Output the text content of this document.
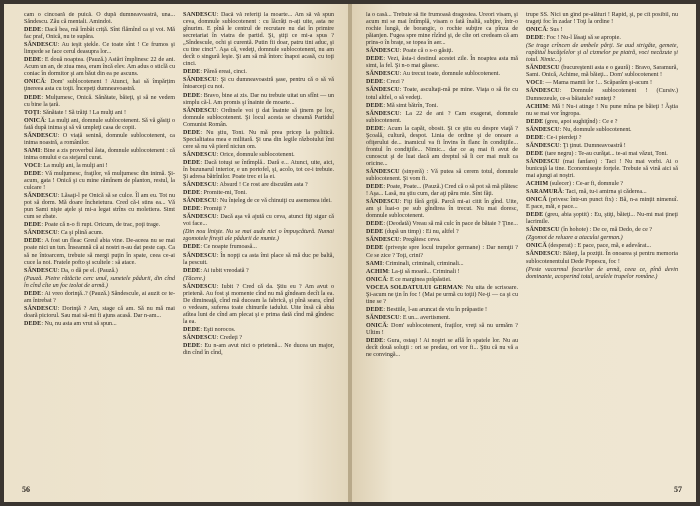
cam o cincoară de puică. O după dumneavoastră, una... Săndescu. Zău că mentali. Amindoi.

DEDE: Dacă bea, mă îmbăt criță. Sînt flămînd ca și voi. Mă fac praf, Onică, nu te supăra.

SĂNDESCU: Au ieşit ştekle. Ce toate sînt ! Ce frumos şi limpede se face cerul deasupra lor...

DEDE: E două noaptea. (Pauză.) Astări împlinesc 22 de ani. Acum un an, de ziua mea, eram încă elev. Am adus o sticlă cu coniac în dormitor şi am băut din ea pe ascuns.

ONICĂ: Dom' sublocotenent ! Atunci, hai să împărțim ţinereea asta cu toţii. Începeți dumneavoastră.

DEDE: Mulţumesc, Onică. Sănătate, băieţi, şi să ne vedem cu bine la țară.

TOŢI: Sănătate ! Să trăiţi ! La mulţi ani !

ONICĂ: La mulţi ani, domnule sublocotenent. Să vă găsiţi o fată după inima şi să vă umpleţi casa de copii.

SĂNDESCU: O viață senină, domnule sublocotenent, ca inima noastră, a românilor.

SAMI: Bine a zis proverbul ăsta, domnule sublocotenent : că inima omului e ca stejarul curat.

VOCI: La mulţi ani, la mulţi ani !

DEDE: Vă mulţumesc, fraţilor, vă mulţumesc din inimă. Şi-acum, gata ! Onică şi cu mine rămînem de planton, restul, la culcare !

SĂNDESCU: Lăsaţi-l pe Onică să se culce. Îl am eu. Tot nu pot să dorm. Mă doare încheietura. Cred că-i stins ea... Vă pun Sami nişte aţele şi mi-a legat strîns cu moletiera. Simt cum se zbate.

DEDE: Poate că n-o fi rupt. Oricum, de trac, poţi trage.

SĂNDESCU: Ca şi plină acum.

DEDE: A fost un fleac Greul abia vine. De-aceea nu se mai poate nici un tun. Înseamnă că ai nostri n-au dat peste cap. Ca să ne întoarcem, trebuie să mergi puţin în spate, ceea ce-ai cuce la noi. Fratele pofto şi scultele : să atace.

SĂNDESCU: Da, o dă pe el. (Pauză.)

(Pauză. Pietre rătăcite cerc unul, sunetele pădurii, din cînd în cînd cîte un foc izolat de armă.)

DEDE: Ai vreo dorinţă..? (Pauză.) Săndescule, ai auzit ce te-am întrebat ?

SĂNDESCU: Dorinţă ? Am, stage că am. Să nu mă mai doară piciorul. Sau mai să-mi fi ajuns acasă. Dar n-am...

DEDE: Nu, nu asta am vrut să spun...

SĂNDESCU: Dacă vă referiţi la moarte... Am să vă spun ceva, domnule sublocotenent : cu lăcrăți n-ați uite, asta ne gînurim. E pînă le centrul de recrutare nu dat în primire secretariat în viatra de partid. Şi, ştiţi ce mi-a spus ? „Sîndescule, ochi şi curentă. Putin fii doar, patru tini aduc, şi cu tine cinci". Aşa că, vedeţi, domnule sublocotenent, nu am decît o singură leşie. Şi am să mă întorc înapoi acasă, cu toţi cinci.

DEDE: Păreă ereai, cinci.

SĂNDESCU: Şi cu dumneavoastră şase, pentru că o să vă întoarceţi cu noi.

DEDE: Bravo, bine ai zis. Dar nu trebuie uitat un sfînt — un simplu că-l. Am promis şi înainte de moarte...

SĂNDESCU: Ordinele voi ţi dat înainte să ţinem pe loc, domnule sublocotenent. Şi locul acesta se cheamă Partidul Comunist Român.

DEDE: Nu ştiu, Toni. Nu mă prea pricep la politică. Specialitatea mea e militară. Şi una din legile războiului îmi cere să nu vă pierd niciun om.

SĂNDESCU: Orice, domnule sublocotenent.

DEDE: Dacă totuşi se întîmplă.. Dară e... Atunci, uite, aici, în buzunarul interior, e un portofel, şi, acolo, tot ce-i trebuie. Şi adresa bătrînilor. Poate trec ei la ei.

SĂNDESCU: Absurd ! Ce rost are discutăm asta ?

DEDE: Promite-mi, Toni.

SĂNDESCU: Nu înțeleg de ce vă chinuiţi cu asemenea idei.

DEDE: Promiţi ?

SĂNDESCU: Dacă aşa vă ajută cu ceva, atunci fiţi sigur că voi face...

(Din nou linişte. Nu se mai aude nici o împuşcătură. Numai zgomotele fireşti ale pădurii de munte.)

DEDE: Ce noapte frumoasă...

SĂNDESCU: În nopţi ca asta îmi place să mă duc pe baltă, la pescuit.

DEDE: Ai iubit vreodată ?

(Tăcere.)

SĂNDESCU: Iubit ? Cred că da. Ştiu eu ? Am avut o prietenă. Au fost şi momente cînd nu mă gîndeam decît la ea. De dimineaţă, cînd mă duceam la fabrică, şi pînă seara, cînd o vedeam, suferea toate chinurile iadului. Uite însă că abia atîtea luni de cînd am plecat şi e prima dată cînd mă gîndesc la ea.

DEDE: Eşti norocos.

SĂNDESCU: Credeţi ?

DEDE: Eu n-am avut nici o prietenă... Ne ducea un major, din cînd în cînd,

56

la o casă... Trebuie să fie frumoasă dragostea. Ureori visam, şi acum mi se mai întîmplă, visam o fată înaltă, subţire, într-o rochie lungă, de borangic, o rochie subţire ca pînza de păianjen. Fugea spre mine rîzînd şi, de cîte ori credeam că am prins-o în braţe, se topea în aer...

SĂNDESCU: Poate că o s-o găsiţi.

DEDE: Vezi, ăsta-i destinul acestei zile. În noaptea asta mă simt, la fel. Şi n-o mai găsesc.

SĂNDESCU: Au trecut toate, domnule sublocotenent.

DEDE: Crezi ?

SĂNDESCU: Toate, ascultaţi-mă pe mine. Viaţa o să fie cu totul altfel, o să vedeţi.

DEDE: Mă simt bătrîn, Toni.

SĂNDESCU: La 22 de ani ? Cam exagerat, domnule sublocotenent.

DEDE: Acum la capăt, obosit. Şi ce ştiu eu despre viaţă ? Şcoală, cultură, despot. Linia de ordine şi de onoare a ofiţerului de... inamicul va fi învins în flanc în condiţiile... frontul în condiţiile... Nimic... dar ce aş mai fi avut de cunoscut şi de luat dacă am dreptul să îi cer mai mult ca oricine...

SĂNDESCU (sinyeră) : Vă putea să cerem totul, domnule sublocotenent. Şi vom fi.

DEDE: Poate, Poate... (Pauză.) Cred că o să pot să mă plătesc ! Aşa... Lasă, nu ştiu cum, dar aţi păru mie. Sînt făţi.

SĂNDESCU: Fiţi fără grijă. Parcă mi-ai citit în gînd. Uite, am şi luat-o pe sub gîndirea în trecut. Nu mai doresc, domnule sublocotenent.

DEDE: (Deodată) Vreau să mă culc în pace de bătaie ? Ţine...

DEDE (după un timp) : Ei nu, altfel ?

SĂNDESCU: Pregătesc ceva.

DEDE (priveşte spre locul trupelor germane) : Dar nemţii ? Ce se zice ? Toţi, crini?

SAMI: Criminali, criminali, criminali...

ACHIM: La-ţi să moară... Criminali !

ONICĂ: E ce marginea prăpăstiei.

VOCEA SOLDATULUI GERMAN: Nu uita de scrisoare. Şi-acum ne ţin în foc ! (Mai pe urmă cu toţii) Ne-ţi — ca şi cu tine se ?

DEDE: Bestiile, l-au aruncat de viu în prăpastie !

SĂNDESCU: E un... avertisment.

ONICĂ: Dom' sublocotenent, fraţilor, vreţi să nu urmăm ? Ultim !

DEDE: Gura, ostaşi ! Ai noştri se află în spatele lor. Nu au decît două soluţii : ori se predau, ori vor fi... Ştiu că nu vă a ne convingă...

trupe SS. Nici un gînd pe-alături ! Rapid, şi, pe cît posibil, nu trageţi foc în zadar ! Toţi la ordine !

ONICĂ: Sus !

DEDE: Foc ! Nu-l lăsaţi să se apropie.

(Se trage crîncen de ambele părţi. Se aud strigăte, gemete, rapăitul bucăţelelor şi al cizmelor pe piatră, voci necăzute şi totul. Nimic...)

SĂNDESCU (bucureştenii asta e o gaură) : Bravo, Saramură, Sami. Onică, Achime, mă băieţi... Dom' sublocotenent !

VOCI: — Mama mamii lor !... Scăparăm şi-acum !

SĂNDESCU: Domnule sublocotenent ! (Cursiv.) Dumnezeule, ce-a băiatule? sunteţi ?

ACHIM: Mă ! Nu-i atinge ! Nu pune mîna pe băieţi ! Ăştia nu se mai vor îngropa.

DEDE (greu, apoi sughiţînd) : Ce e ?

SĂNDESCU: Nu, domnule sublocotenent.

DEDE: Ce-i pierdeţi ?

SĂNDESCU: Ţi ţinut. Dumneavoastră !

DEDE (tare negru) : Te-au curăţat... te-ai mai văzut, Toni.

SĂNDESCU (mai fanfaro) : Taci ! Nu mai vorbi. Ai o bunicuţă la tine. Economiseşte forţele. Trebuie să vină aici să mai ajungi ai noştri.

ACHIM (sulecer) : Ce-ar fi, domnule ?

SARAMURĂ: Taci, mă, tu-i amirna şi căderea...

ONICĂ (privesc într-un punct fix) : Bă, n-a mințit nimenuî. E pace, măi, e pace...

DEDE (greu, abia şoptit) : Eu, ştiţi, băieţi... Nu-mi mai ţineţi lacrimile.

SĂNDESCU (în hohote) : De ce, mă Dedo, de ce ?

(Zgomot de reluare a atacului german.)

ONICĂ (desperat) : E pace, pace, mă, e adevărat...

SĂNDESCU: Băieţi, la poziţii. În onoarea şi pentru memoria sublocotenentului Dede Popescu, foc !

(Peste vacarmul focurilor de armă, ceea ce, pînă devin dominante, acoperind totul, uralele trupelor române.)

57
